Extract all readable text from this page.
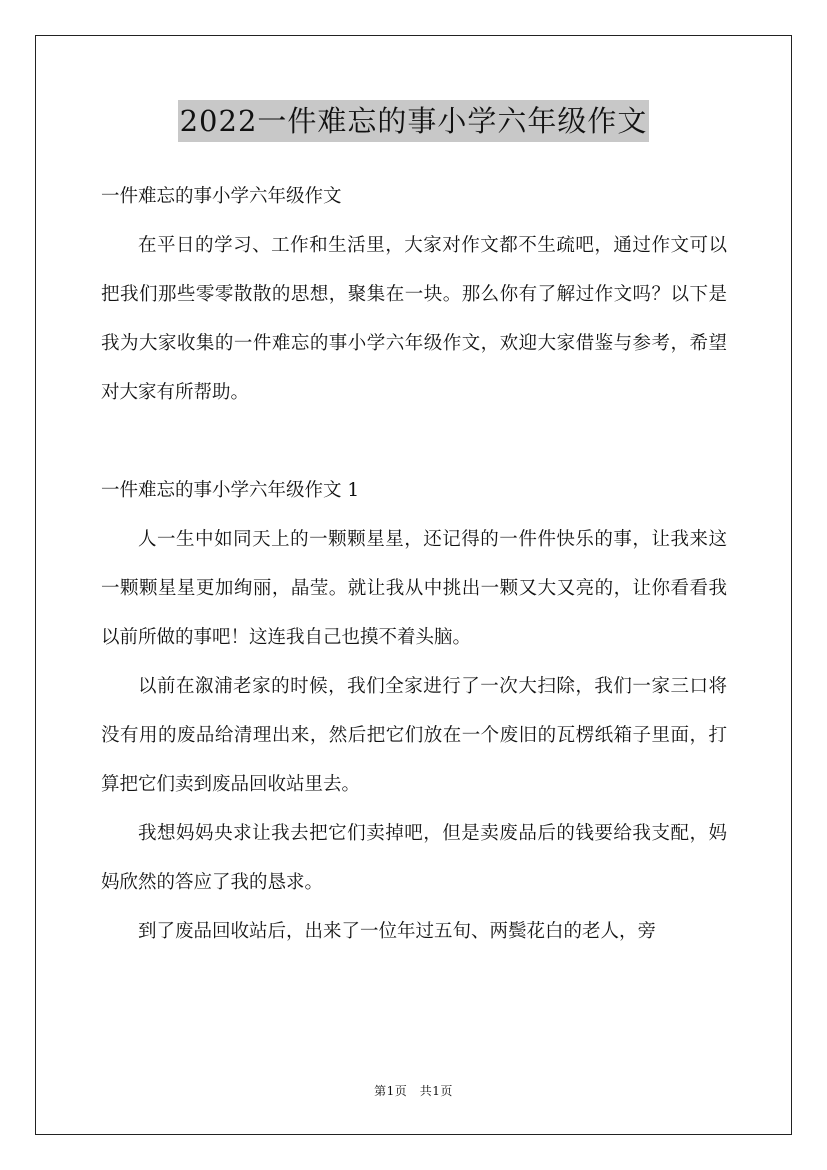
2022一件难忘的事小学六年级作文

一件难忘的事小学六年级作文

在平日的学习、工作和生活里，大家对作文都不生疏吧，通过作文可以把我们那些零零散散的思想，聚集在一块。那么你有了解过作文吗？以下是我为大家收集的一件难忘的事小学六年级作文，欢迎大家借鉴与参考，希望对大家有所帮助。

一件难忘的事小学六年级作文 1

人一生中如同天上的一颗颗星星，还记得的一件件快乐的事，让我来这一颗颗星星更加绚丽，晶莹。就让我从中挑出一颗又大又亮的，让你看看我以前所做的事吧！这连我自己也摸不着头脑。

以前在溆浦老家的时候，我们全家进行了一次大扫除，我们一家三口将没有用的废品给清理出来，然后把它们放在一个废旧的瓦楞纸箱子里面，打算把它们卖到废品回收站里去。

我想妈妈央求让我去把它们卖掉吧，但是卖废品后的钱要给我支配，妈妈欣然的答应了我的恳求。

到了废品回收站后，出来了一位年过五旬、两鬓花白的老人，旁

第1页　共1页
